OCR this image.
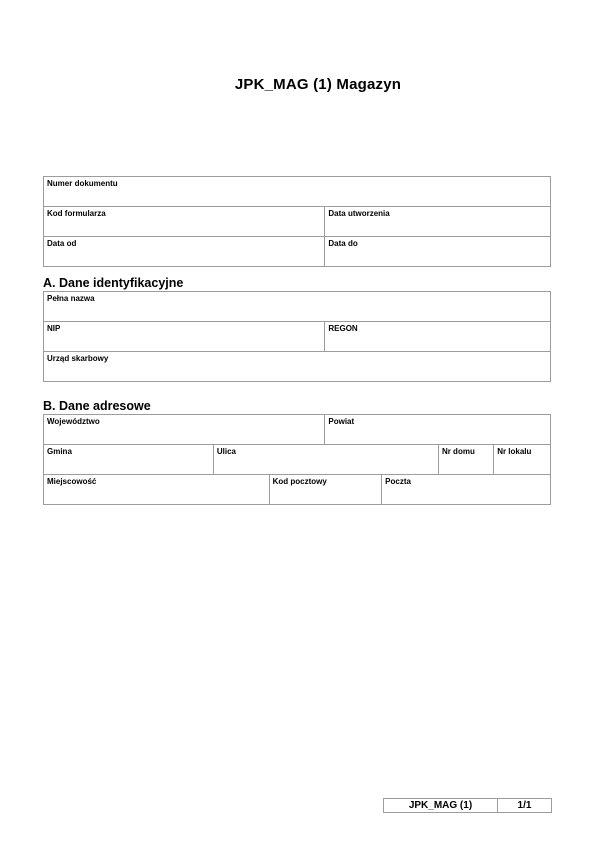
JPK_MAG (1) Magazyn
Numer dokumentu
Kod formularza	Data utworzenia
Data od	Data do
A. Dane identyfikacyjne
Pełna nazwa
NIP	REGON
Urząd skarbowy
B. Dane adresowe
Województwo	Powiat
Gmina	Ulica	Nr domu	Nr lokalu
Miejscowość	Kod pocztowy	Poczta
JPK_MAG (1)	1/1
